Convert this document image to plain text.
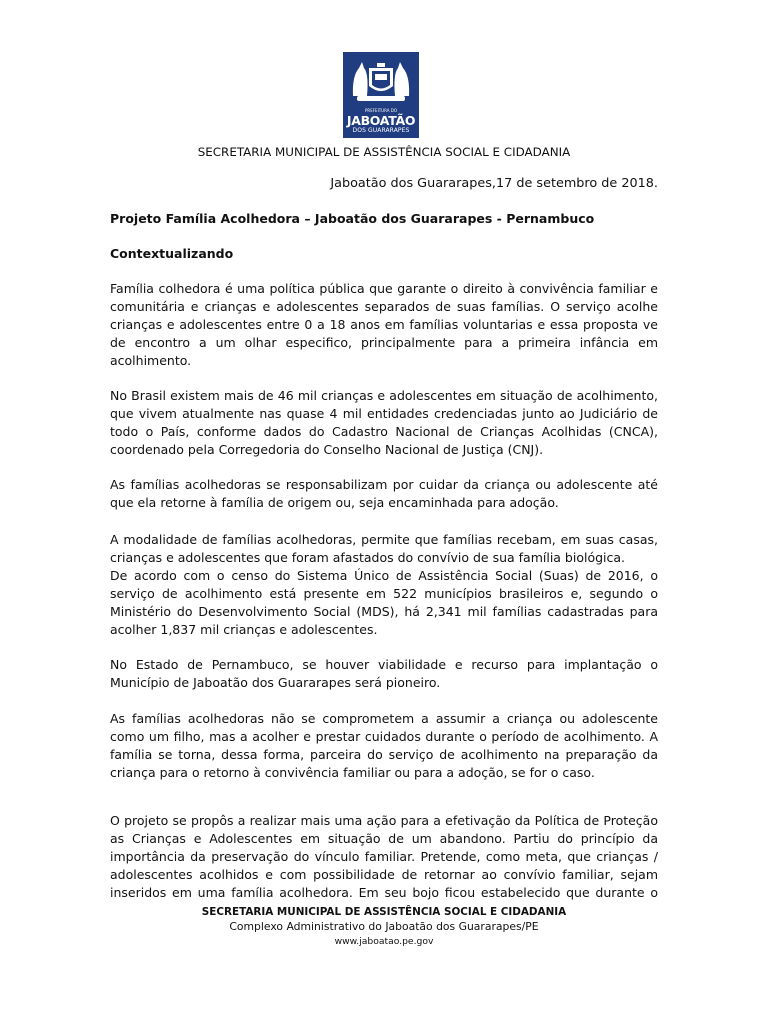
PREFEITURA DO
JABOATÃO
DOS GUARARAPES
SECRETARIA MUNICIPAL DE ASSISTÊNCIA SOCIAL E CIDADANIA
Jaboatão dos Guararapes,17 de setembro de 2018.
Projeto Família Acolhedora – Jaboatão dos Guararapes - Pernambuco
Contextualizando
Família colhedora é uma política pública que garante o direito à convivência familiar e
comunitária e crianças e adolescentes separados de suas famílias. O serviço acolhe
crianças e adolescentes entre 0 a 18 anos em famílias voluntarias e essa proposta ve
de encontro a um olhar especifico, principalmente para a primeira infância em
acolhimento.
No Brasil existem mais de 46 mil crianças e adolescentes em situação de acolhimento,
que vivem atualmente nas quase 4 mil entidades credenciadas junto ao Judiciário de
todo o País, conforme dados do Cadastro Nacional de Crianças Acolhidas (CNCA),
coordenado pela Corregedoria do Conselho Nacional de Justiça (CNJ).
As famílias acolhedoras se responsabilizam por cuidar da criança ou adolescente até
que ela retorne à família de origem ou, seja encaminhada para adoção.
A modalidade de famílias acolhedoras, permite que famílias recebam, em suas casas,
crianças e adolescentes que foram afastados do convívio de sua família biológica.
De acordo com o censo do Sistema Único de Assistência Social (Suas) de 2016, o
serviço de acolhimento está presente em 522 municípios brasileiros e, segundo o
Ministério do Desenvolvimento Social (MDS), há 2,341 mil famílias cadastradas para
acolher 1,837 mil crianças e adolescentes.
No Estado de Pernambuco, se houver viabilidade e recurso para implantação o
Município de Jaboatão dos Guararapes será pioneiro.
As famílias acolhedoras não se comprometem a assumir a criança ou adolescente
como um filho, mas a acolher e prestar cuidados durante o período de acolhimento. A
família se torna, dessa forma, parceira do serviço de acolhimento na preparação da
criança para o retorno à convivência familiar ou para a adoção, se for o caso.
O projeto se propôs a realizar mais uma ação para a efetivação da Política de Proteção
as Crianças e Adolescentes em situação de um abandono. Partiu do princípio da
importância da preservação do vínculo familiar. Pretende, como meta, que crianças /
adolescentes acolhidos e com possibilidade de retornar ao convívio familiar, sejam
inseridos em uma família acolhedora. Em seu bojo ficou estabelecido que durante o
SECRETARIA MUNICIPAL DE ASSISTÊNCIA SOCIAL E CIDADANIA
Complexo Administrativo do Jaboatão dos Guararapes/PE
www.jaboatao.pe.gov
